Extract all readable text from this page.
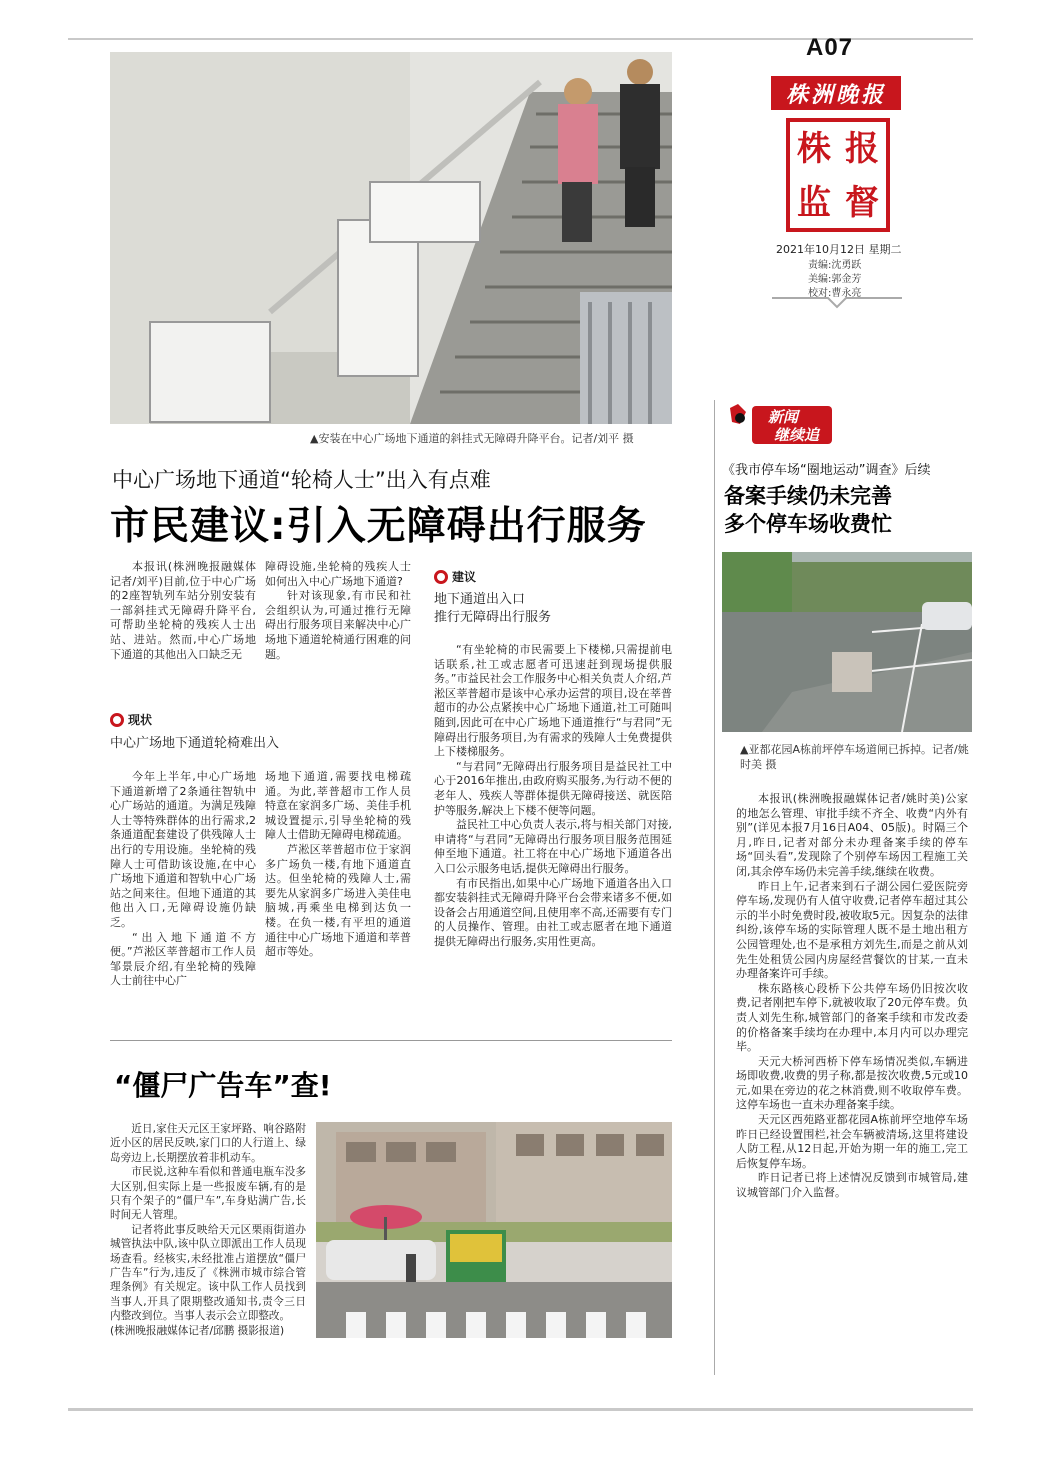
A07
株洲晚报
株 报
监 督
2021年10月12日 星期二
责编:沈勇跃
美编:郭金芳
校对:曹永亮
▲安装在中心广场地下通道的斜挂式无障碍升降平台。记者/刘平 摄
中心广场地下通道“轮椅人士”出入有点难
市民建议:引入无障碍出行服务

本报讯(株洲晚报融媒体记者/刘平)目前,位于中心广场的2座智轨列车站分别安装有一部斜挂式无障碍升降平台,可帮助坐轮椅的残疾人士出站、进站。然而,中心广场地下通道的其他出入口缺乏无

障碍设施,坐轮椅的残疾人士如何出入中心广场地下通道?

针对该现象,有市民和社会组织认为,可通过推行无障碍出行服务项目来解决中心广场地下通道轮椅通行困难的问题。

现状
中心广场地下通道轮椅难出入

今年上半年,中心广场地下通道新增了2条通往智轨中心广场站的通道。为满足残障人士等特殊群体的出行需求,2条通道配套建设了供残障人士出行的专用设施。坐轮椅的残障人士可借助该设施,在中心广场地下通道和智轨中心广场站之间来往。但地下通道的其他出入口,无障碍设施仍缺乏。

“出入地下通道不方便。”芦淞区莘普超市工作人员邹景辰介绍,有坐轮椅的残障人士前往中心广

场地下通道,需要找电梯疏通。为此,莘普超市工作人员特意在家润多广场、美佳手机城设置提示,引导坐轮椅的残障人士借助无障碍电梯疏通。

芦淞区莘普超市位于家润多广场负一楼,有地下通道直达。但坐轮椅的残障人士,需要先从家润多广场进入美佳电脑城,再乘坐电梯到达负一楼。在负一楼,有平坦的通道通往中心广场地下通道和莘普超市等处。

建议
地下通道出入口
推行无障碍出行服务

“有坐轮椅的市民需要上下楼梯,只需提前电话联系,社工或志愿者可迅速赶到现场提供服务。”市益民社会工作服务中心相关负责人介绍,芦淞区莘普超市是该中心承办运营的项目,设在莘普超市的办公点紧挨中心广场地下通道,社工可随叫随到,因此可在中心广场地下通道推行“与君同”无障碍出行服务项目,为有需求的残障人士免费提供上下楼梯服务。

“与君同”无障碍出行服务项目是益民社工中心于2016年推出,由政府购买服务,为行动不便的老年人、残疾人等群体提供无障碍接送、就医陪护等服务,解决上下楼不便等问题。

益民社工中心负责人表示,将与相关部门对接,申请将“与君同”无障碍出行服务项目服务范围延伸至地下通道。社工将在中心广场地下通道各出入口公示服务电话,提供无障碍出行服务。

有市民指出,如果中心广场地下通道各出入口都安装斜挂式无障碍升降平台会带来诸多不便,如设备会占用通道空间,且使用率不高,还需要有专门的人员操作、管理。由社工或志愿者在地下通道提供无障碍出行服务,实用性更高。

“僵尸广告车”查!

近日,家住天元区王家坪路、响谷路附近小区的居民反映,家门口的人行道上、绿岛旁边上,长期摆放着非机动车。

市民说,这种车看似和普通电瓶车没多大区别,但实际上是一些报废车辆,有的是只有个架子的“僵尸车”,车身贴满广告,长时间无人管理。

记者将此事反映给天元区栗雨街道办城管执法中队,该中队立即派出工作人员现场查看。经核实,未经批准占道摆放“僵尸广告车”行为,违反了《株洲市城市综合管理条例》有关规定。该中队工作人员找到当事人,开具了限期整改通知书,责令三日内整改到位。当事人表示会立即整改。

(株洲晚报融媒体记者/邱鹏 摄影报道)

新闻
继续追
《我市停车场“圈地运动”调查》后续
备案手续仍未完善
多个停车场收费忙
▲亚都花园A栋前坪停车场道闸已拆掉。记者/姚时美 摄

本报讯(株洲晚报融媒体记者/姚时美)公家的地怎么管理、审批手续不齐全、收费“内外有别”(详见本报7月16日A04、05版)。时隔三个月,昨日,记者对部分未办理备案手续的停车场“回头看”,发现除了个别停车场因工程施工关闭,其余停车场仍未完善手续,继续在收费。

昨日上午,记者来到石子湖公园仁爱医院旁停车场,发现仍有人值守收费,记者停车超过其公示的半小时免费时段,被收取5元。因复杂的法律纠纷,该停车场的实际管理人既不是土地出租方公园管理处,也不是承租方刘先生,而是之前从刘先生处租赁公园内房屋经营餐饮的甘某,一直未办理备案许可手续。

株东路核心段桥下公共停车场仍旧按次收费,记者刚把车停下,就被收取了20元停车费。负责人刘先生称,城管部门的备案手续和市发改委的价格备案手续均在办理中,本月内可以办理完毕。

天元大桥河西桥下停车场情况类似,车辆进场即收费,收费的男子称,都是按次收费,5元或10元,如果在旁边的花之林消费,则不收取停车费。这停车场也一直未办理备案手续。

天元区西苑路亚都花园A栋前坪空地停车场昨日已经设置围栏,社会车辆被清场,这里将建设人防工程,从12日起,开始为期一年的施工,完工后恢复停车场。

昨日记者已将上述情况反馈到市城管局,建议城管部门介入监督。
